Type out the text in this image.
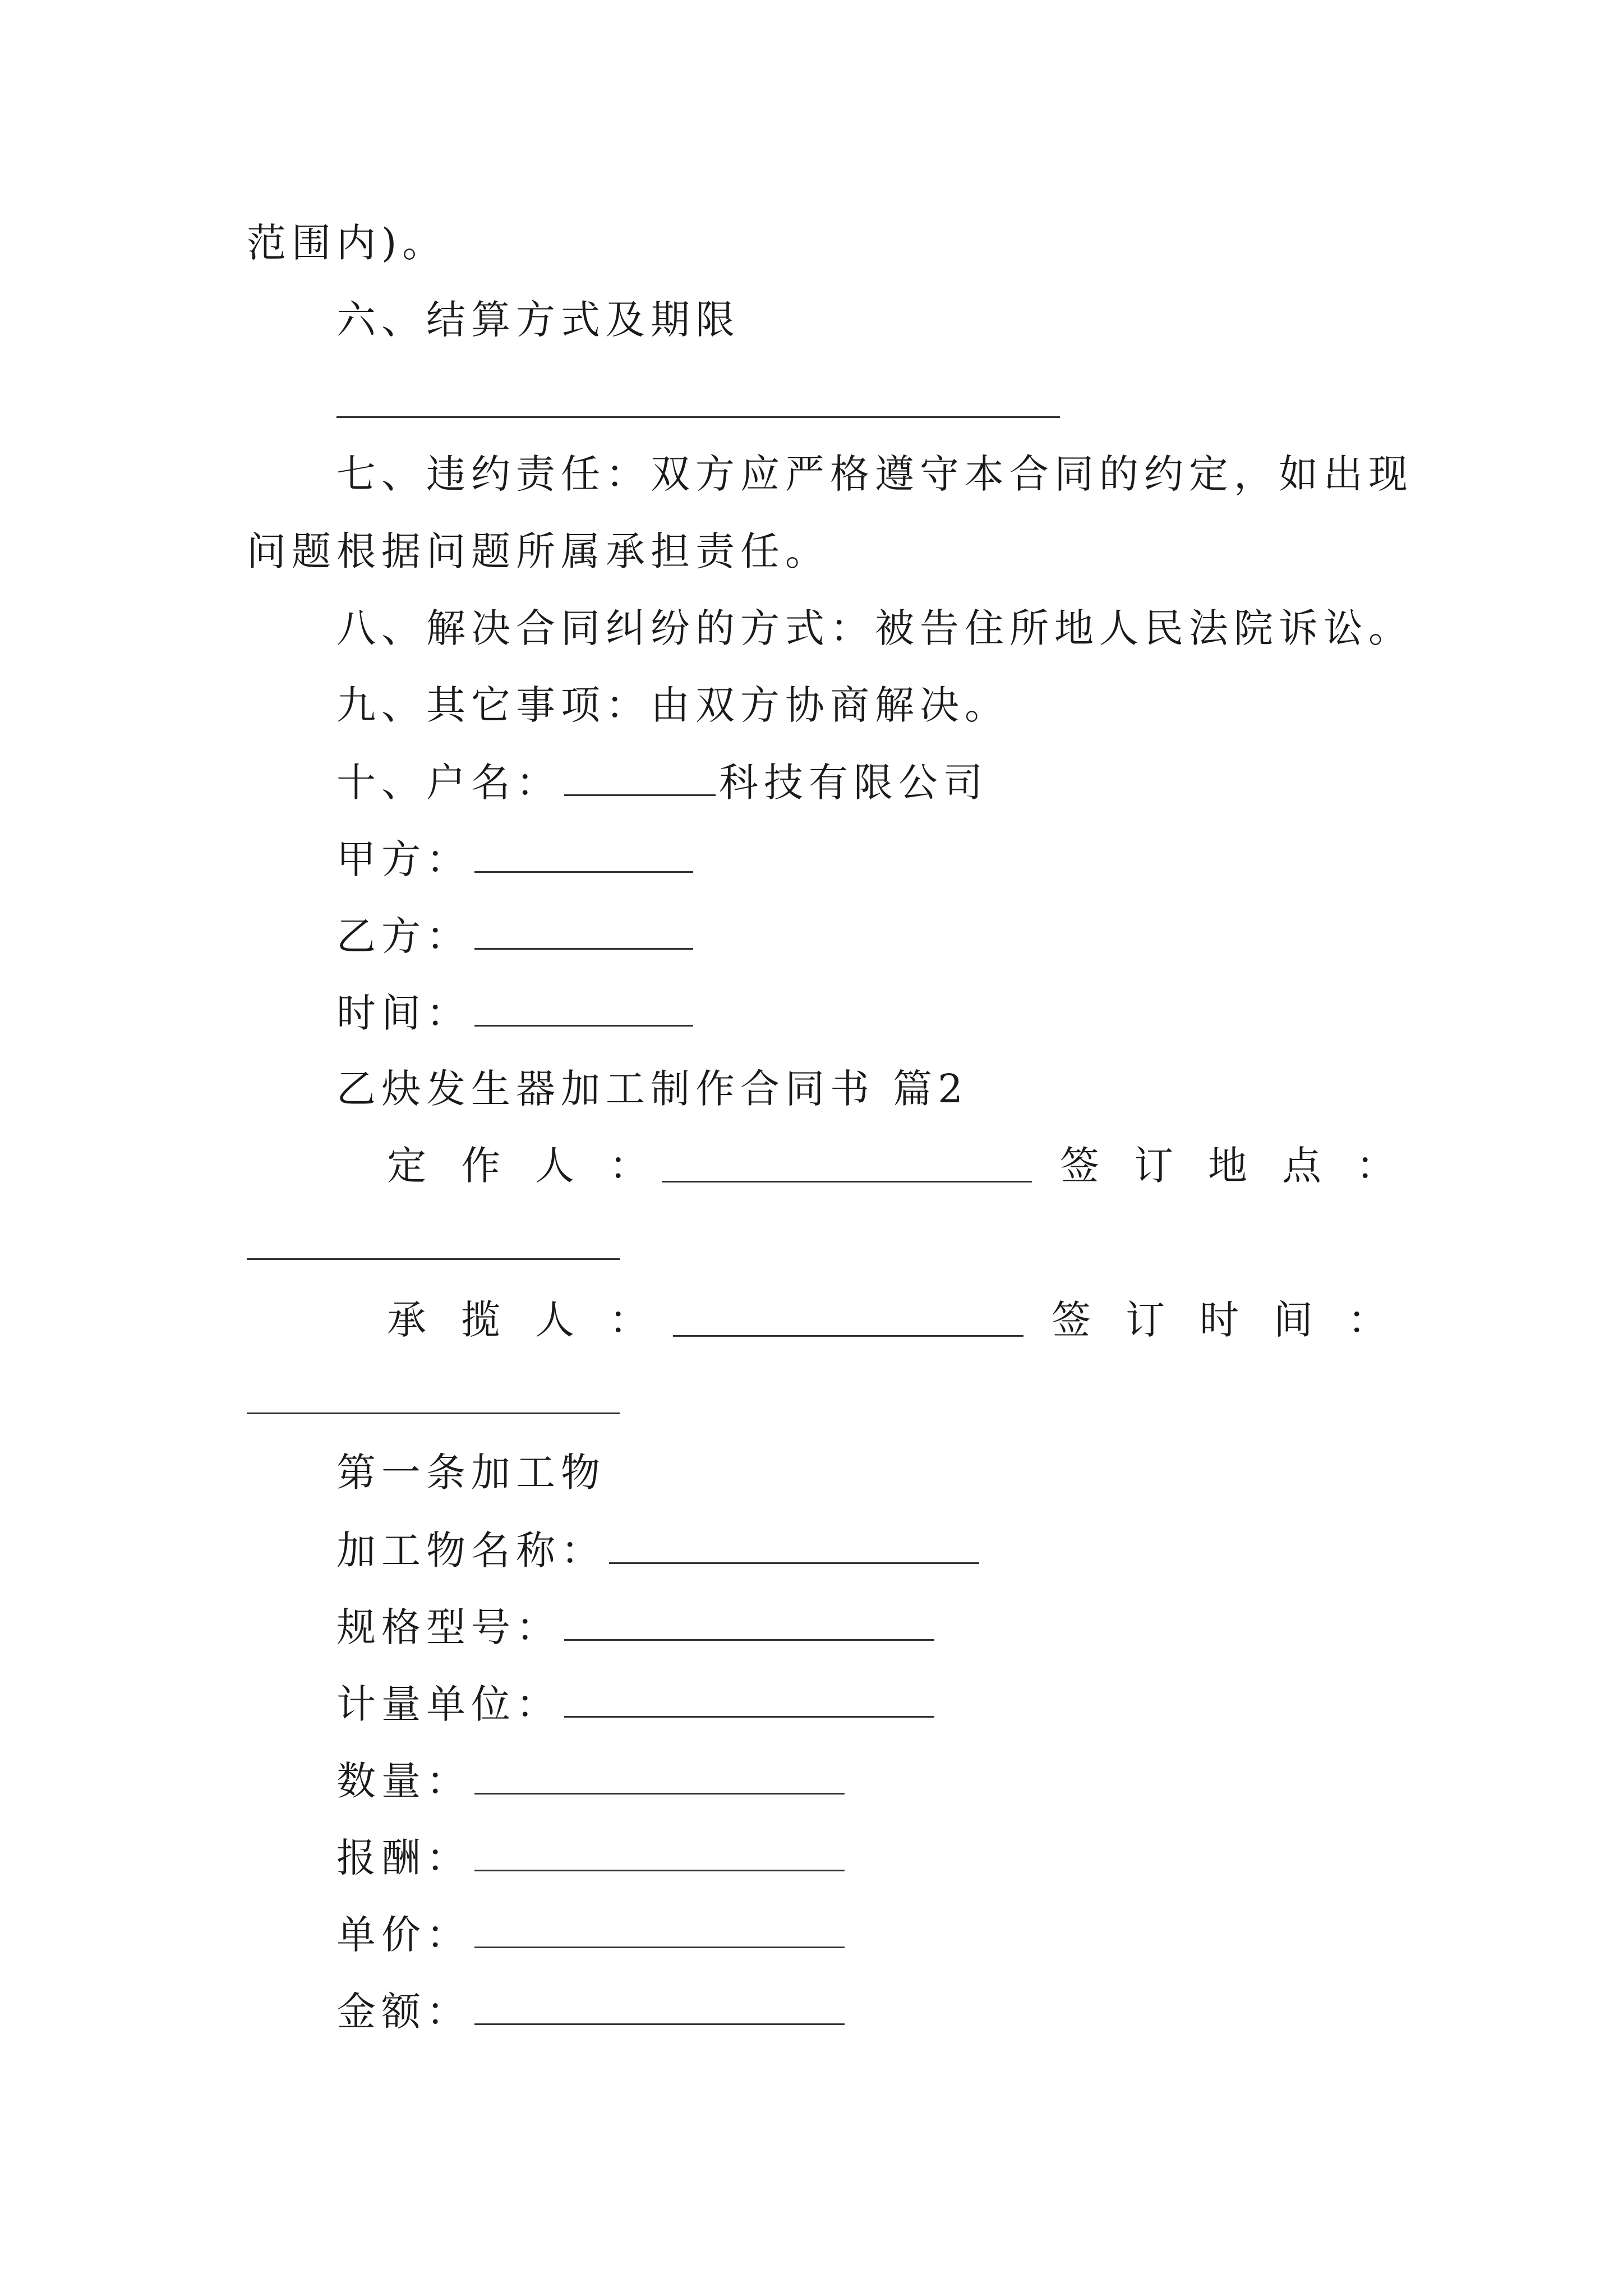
范围内)。
六、结算方式及期限
七、违约责任：双方应严格遵守本合同的约定，如出现
问题根据问题所属承担责任。
八、解决合同纠纷的方式：被告住所地人民法院诉讼。
九、其它事项：由双方协商解决。
十、户名：	科技有限公司
甲方：
乙方：
时间：
乙炔发生器加工制作合同书 篇2
定作人：	签订地点：
承揽人：	签订时间：
第一条加工物
加工物名称：
规格型号：
计量单位：
数量：
报酬：
单价：
金额：
